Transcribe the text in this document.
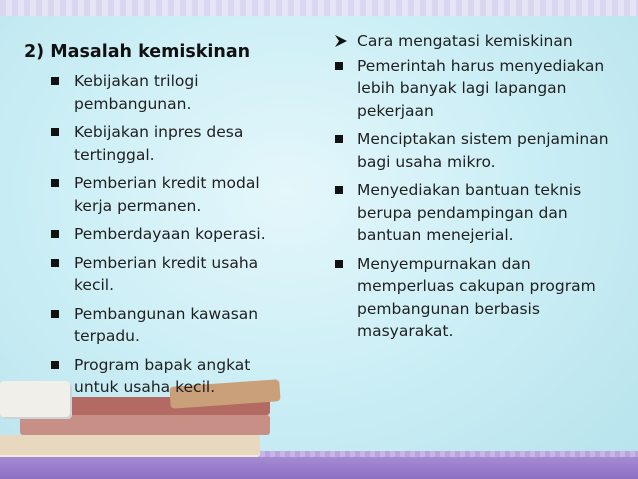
2) Masalah kemiskinan
Kebijakan trilogi pembangunan.
Kebijakan inpres desa tertinggal.
Pemberian kredit modal kerja permanen.
Pemberdayaan koperasi.
Pemberian kredit usaha kecil.
Pembangunan kawasan terpadu.
Program bapak angkat untuk usaha kecil.
Cara mengatasi kemiskinan
Pemerintah harus menyediakan lebih banyak lagi lapangan pekerjaan
Menciptakan sistem penjaminan bagi usaha mikro.
Menyediakan bantuan teknis berupa pendampingan dan bantuan menejerial.
Menyempurnakan dan memperluas cakupan program pembangunan berbasis masyarakat.
